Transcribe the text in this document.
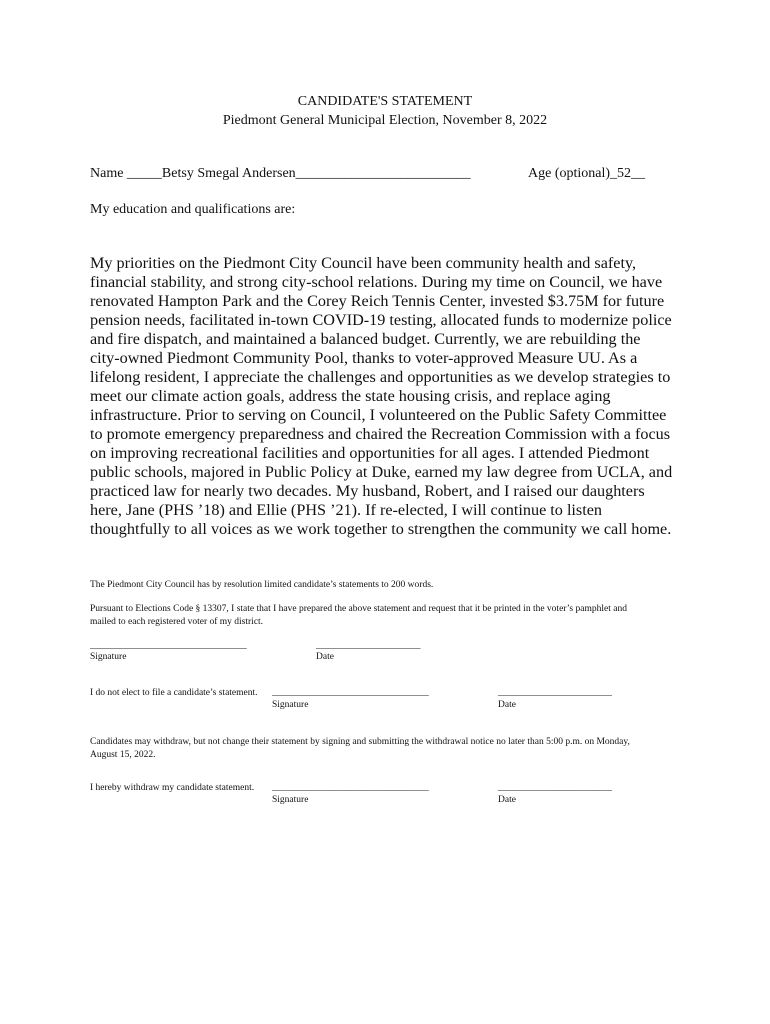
CANDIDATE'S STATEMENT
Piedmont General Municipal Election, November 8, 2022
Name _____Betsy Smegal Andersen_________________________	Age (optional)_52__
My education and qualifications are:
My priorities on the Piedmont City Council have been community health and safety,
financial stability, and strong city-school relations. During my time on Council, we have
renovated Hampton Park and the Corey Reich Tennis Center, invested $3.75M for future
pension needs, facilitated in-town COVID-19 testing, allocated funds to modernize police
and fire dispatch, and maintained a balanced budget. Currently, we are rebuilding the
city-owned Piedmont Community Pool, thanks to voter-approved Measure UU. As a
lifelong resident, I appreciate the challenges and opportunities as we develop strategies to
meet our climate action goals, address the state housing crisis, and replace aging
infrastructure. Prior to serving on Council, I volunteered on the Public Safety Committee
to promote emergency preparedness and chaired the Recreation Commission with a focus
on improving recreational facilities and opportunities for all ages. I attended Piedmont
public schools, majored in Public Policy at Duke, earned my law degree from UCLA, and
practiced law for nearly two decades. My husband, Robert, and I raised our daughters
here, Jane (PHS ’18) and Ellie (PHS ’21). If re-elected, I will continue to listen
thoughtfully to all voices as we work together to strengthen the community we call home.
The Piedmont City Council has by resolution limited candidate’s statements to 200 words.
Pursuant to Elections Code § 13307, I state that I have prepared the above statement and request that it be printed in the voter’s pamphlet and
mailed to each registered voter of my district.
_________________________________	______________________
Signature	Date
I do not elect to file a candidate’s statement. _________________________________	________________________
Signature	Date
Candidates may withdraw, but not change their statement by signing and submitting the withdrawal notice no later than 5:00 p.m. on Monday,
August 15, 2022.
I hereby withdraw my candidate statement. _________________________________	________________________
Signature	Date
